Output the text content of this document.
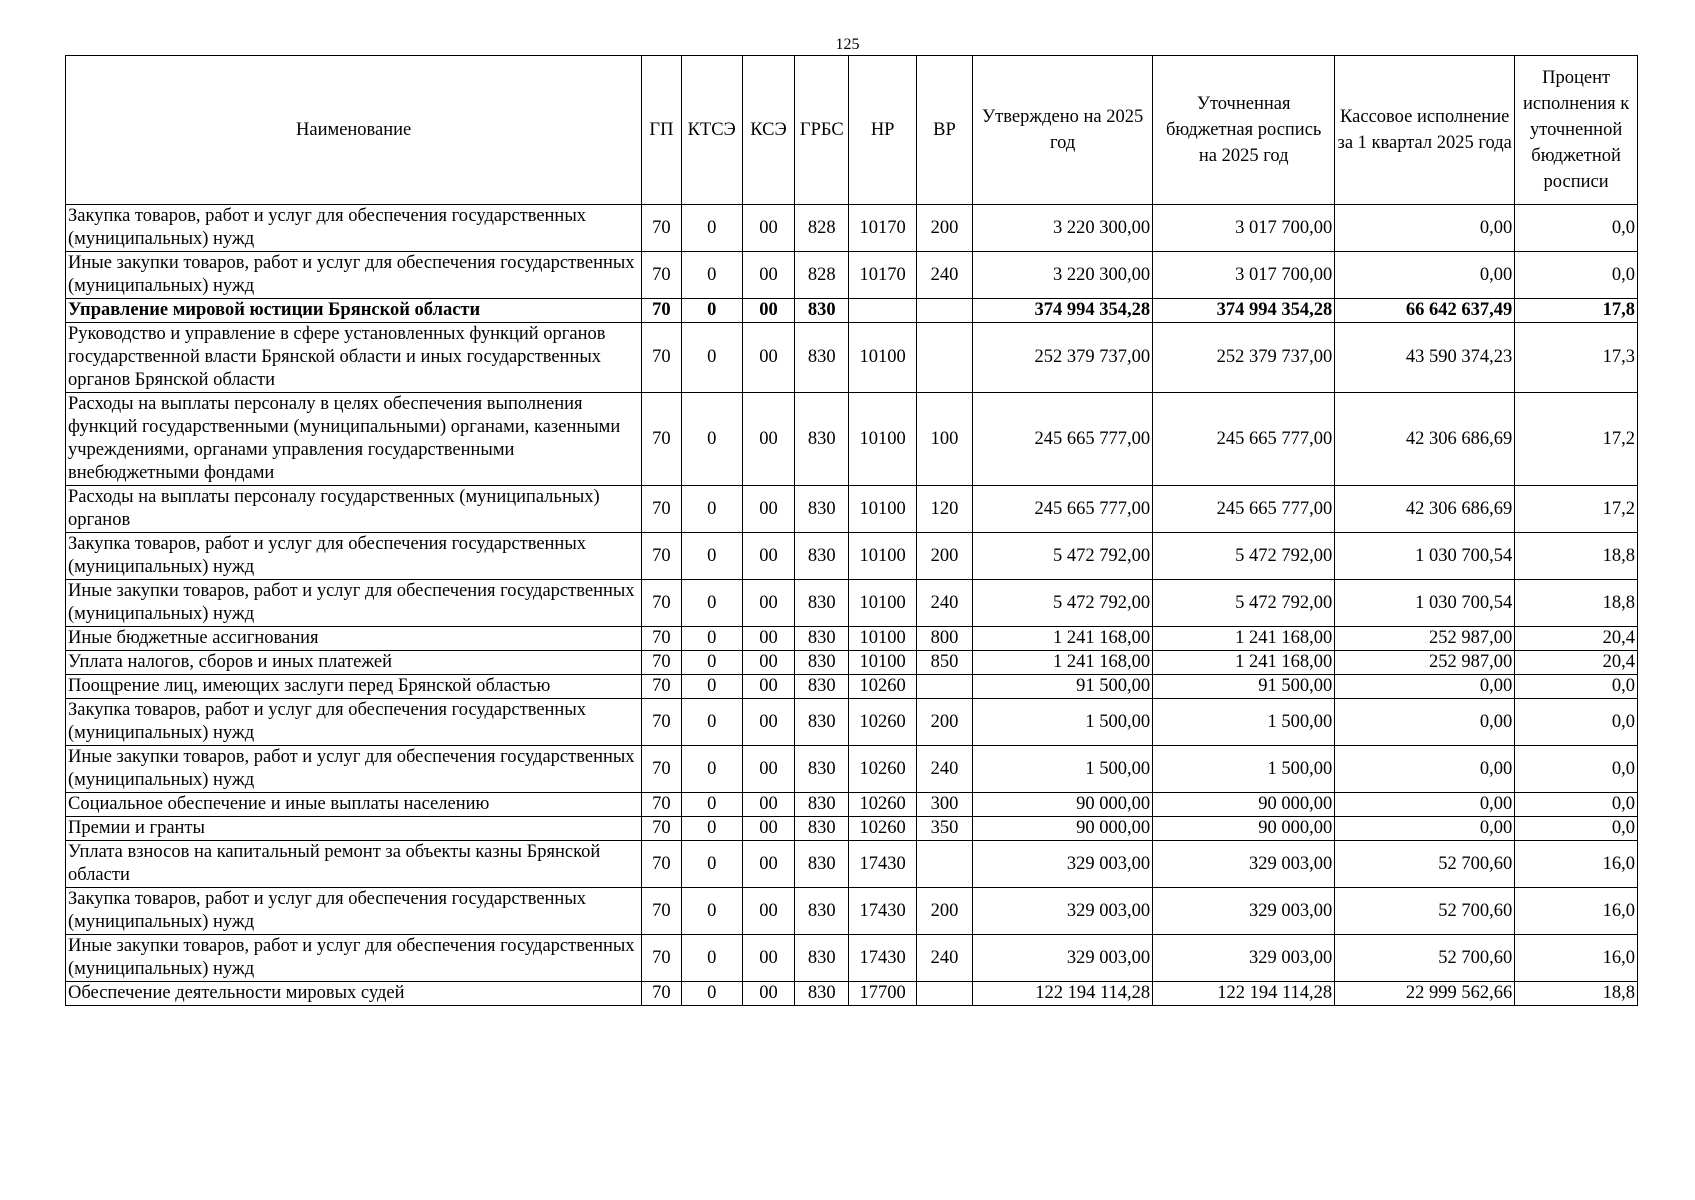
125
Наименование	ГП	КТСЭ	КСЭ	ГРБС	НР	ВР	Утверждено на 2025 год	Уточненная бюджетная роспись на 2025 год	Кассовое исполнение за 1 квартал 2025 года	Процент исполнения к уточненной бюджетной росписи
Закупка товаров, работ и услуг для обеспечения государственных (муниципальных) нужд	70	0	00	828	10170	200	3 220 300,00	3 017 700,00	0,00	0,0
Иные закупки товаров, работ и услуг для обеспечения государственных (муниципальных) нужд	70	0	00	828	10170	240	3 220 300,00	3 017 700,00	0,00	0,0
Управление мировой юстиции Брянской области	70	0	00	830			374 994 354,28	374 994 354,28	66 642 637,49	17,8
Руководство и управление в сфере установленных функций органов государственной власти Брянской области и иных государственных органов Брянской области	70	0	00	830	10100		252 379 737,00	252 379 737,00	43 590 374,23	17,3
Расходы на выплаты персоналу в целях обеспечения выполнения функций государственными (муниципальными) органами, казенными учреждениями, органами управления государственными внебюджетными фондами	70	0	00	830	10100	100	245 665 777,00	245 665 777,00	42 306 686,69	17,2
Расходы на выплаты персоналу государственных (муниципальных) органов	70	0	00	830	10100	120	245 665 777,00	245 665 777,00	42 306 686,69	17,2
Закупка товаров, работ и услуг для обеспечения государственных (муниципальных) нужд	70	0	00	830	10100	200	5 472 792,00	5 472 792,00	1 030 700,54	18,8
Иные закупки товаров, работ и услуг для обеспечения государственных (муниципальных) нужд	70	0	00	830	10100	240	5 472 792,00	5 472 792,00	1 030 700,54	18,8
Иные бюджетные ассигнования	70	0	00	830	10100	800	1 241 168,00	1 241 168,00	252 987,00	20,4
Уплата налогов, сборов и иных платежей	70	0	00	830	10100	850	1 241 168,00	1 241 168,00	252 987,00	20,4
Поощрение лиц, имеющих заслуги перед Брянской областью	70	0	00	830	10260		91 500,00	91 500,00	0,00	0,0
Закупка товаров, работ и услуг для обеспечения государственных (муниципальных) нужд	70	0	00	830	10260	200	1 500,00	1 500,00	0,00	0,0
Иные закупки товаров, работ и услуг для обеспечения государственных (муниципальных) нужд	70	0	00	830	10260	240	1 500,00	1 500,00	0,00	0,0
Социальное обеспечение и иные выплаты населению	70	0	00	830	10260	300	90 000,00	90 000,00	0,00	0,0
Премии и гранты	70	0	00	830	10260	350	90 000,00	90 000,00	0,00	0,0
Уплата взносов на капитальный ремонт за объекты казны Брянской области	70	0	00	830	17430		329 003,00	329 003,00	52 700,60	16,0
Закупка товаров, работ и услуг для обеспечения государственных (муниципальных) нужд	70	0	00	830	17430	200	329 003,00	329 003,00	52 700,60	16,0
Иные закупки товаров, работ и услуг для обеспечения государственных (муниципальных) нужд	70	0	00	830	17430	240	329 003,00	329 003,00	52 700,60	16,0
Обеспечение деятельности мировых судей	70	0	00	830	17700		122 194 114,28	122 194 114,28	22 999 562,66	18,8
